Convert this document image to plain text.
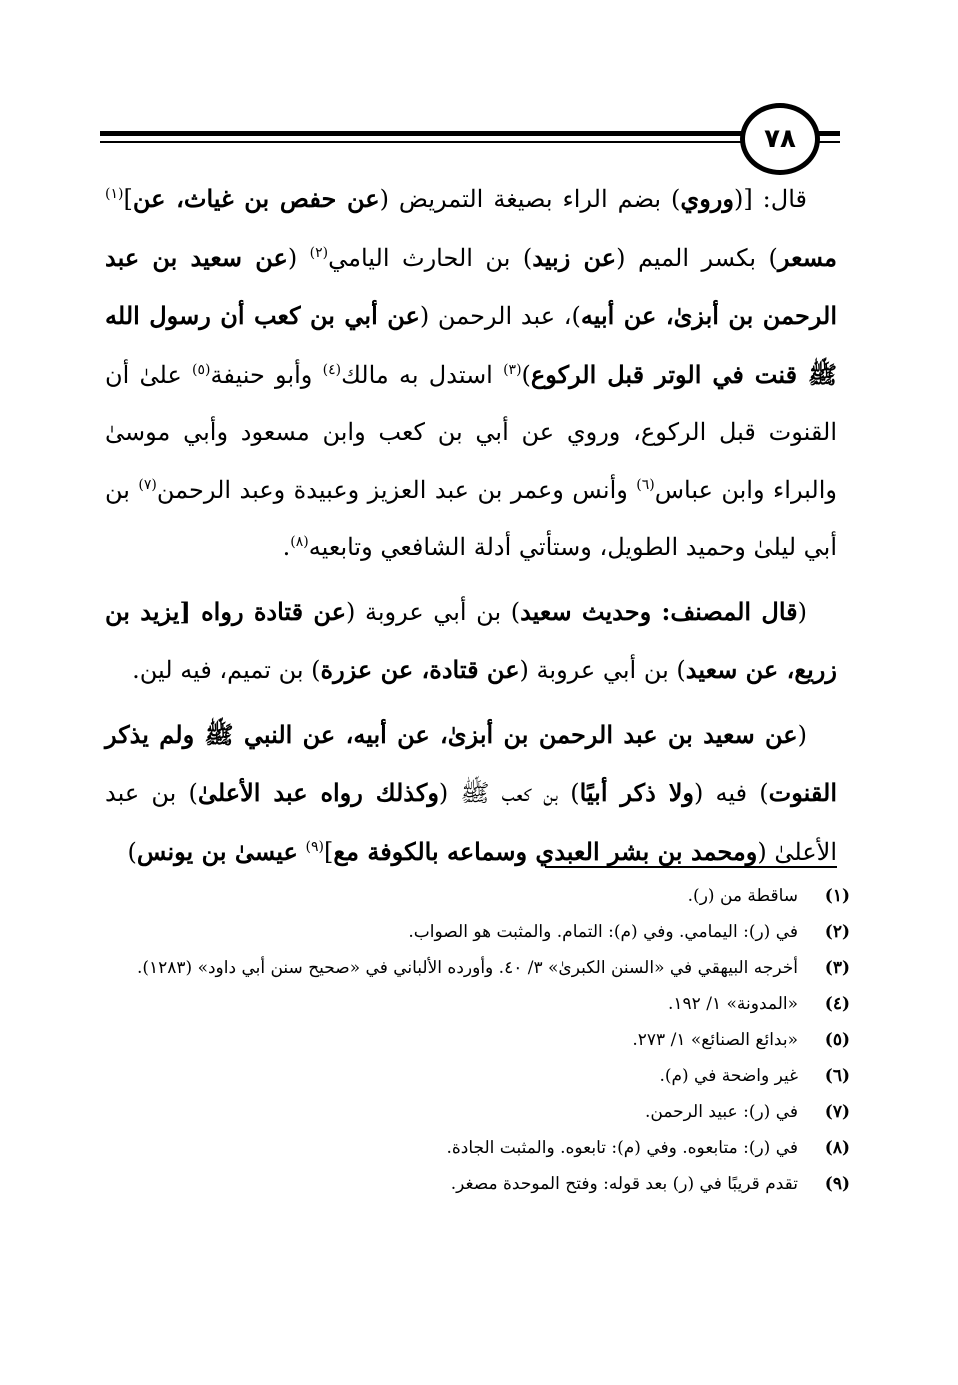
٧٨

قال: [(وروي) بضم الراء بصيغة التمريض (عن حفص بن غياث، عن]$^{(١)}$ مسعر) بكسر الميم (عن زبيد) بن الحارث اليامي$^{(٢)}$ (عن سعيد بن عبد الرحمن بن أبزىٰ، عن أبيه)، عبد الرحمن (عن أبي بن كعب أن رسول الله ﷺ قنت في الوتر قبل الركوع)$^{(٣)}$ استدل به مالك$^{(٤)}$ وأبو حنيفة$^{(٥)}$ علىٰ أن القنوت قبل الركوع، وروي عن أبي بن كعب وابن مسعود وأبي موسىٰ والبراء وابن عباس$^{(٦)}$ وأنس وعمر بن عبد العزيز وعبيدة وعبد الرحمن$^{(٧)}$ بن أبي ليلىٰ وحميد الطويل، وستأتي أدلة الشافعي وتابعيه$^{(٨)}$.

(قال المصنف: وحديث سعيد) بن أبي عروبة (عن قتادة رواه [يزيد بن زريع، عن سعيد) بن أبي عروبة (عن قتادة، عن عزرة) بن تميم، فيه لين.

(عن سعيد بن عبد الرحمن بن أبزىٰ، عن أبيه، عن النبي ﷺ ولم يذكر القنوت) فيه (ولا ذكر أبيًا) بن كعب ﷺ (وكذلك رواه عبد الأعلىٰ) بن عبد الأعلىٰ (ومحمد بن بشر العبدي وسماعه بالكوفة مع]$^{(٩)}$ عيسىٰ بن يونس)

(١)
ساقطة من (ر).
(٢)
في (ر): اليمامي. وفي (م): التمام. والمثبت هو الصواب.
(٣)
أخرجه البيهقي في «السنن الكبرىٰ» ٣/ ٤٠. وأورده الألباني في «صحيح سنن أبي داود» (١٢٨٣).
(٤)
«المدونة» ١/ ١٩٢.
(٥)
«بدائع الصنائع» ١/ ٢٧٣.
(٦)
غير واضحة في (م).
(٧)
في (ر): عبيد الرحمن.
(٨)
في (ر): متابعوه. وفي (م): تابعوه. والمثبت الجادة.
(٩)
تقدم قريبًا في (ر) بعد قوله: وفتح الموحدة مصغر.
